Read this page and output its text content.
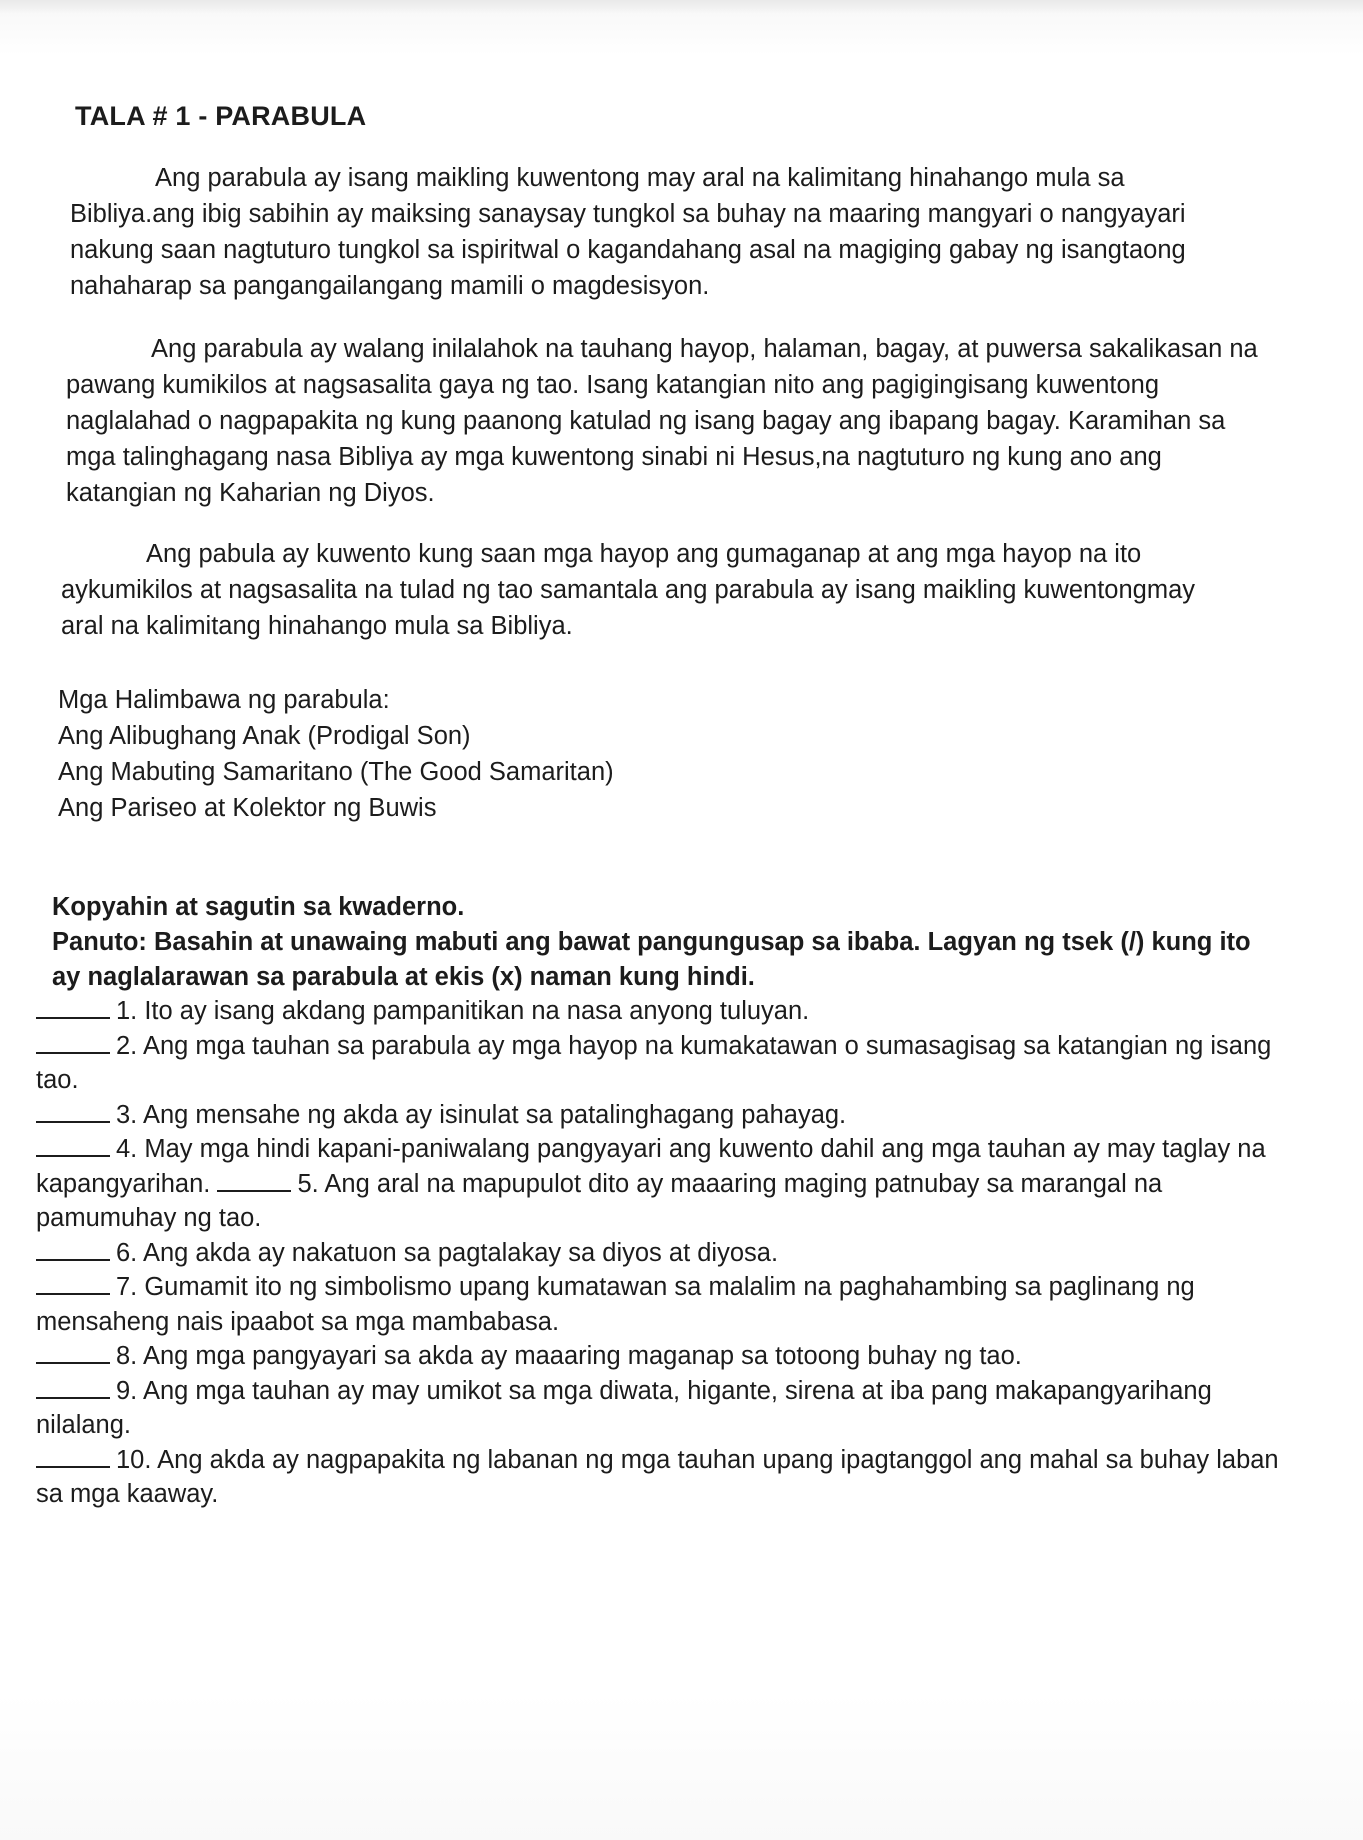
TALA # 1 - PARABULA

Ang parabula ay isang maikling kuwentong may aral na kalimitang hinahango mula sa Bibliya.ang ibig sabihin ay maiksing sanaysay tungkol sa buhay na maaring mangyari o nangyayari nakung saan nagtuturo tungkol sa ispiritwal o kagandahang asal na magiging gabay ng isangtaong nahaharap sa pangangailangang mamili o magdesisyon.

Ang parabula ay walang inilalahok na tauhang hayop, halaman, bagay, at puwersa sakalikasan na pawang kumikilos at nagsasalita gaya ng tao. Isang katangian nito ang pagigingisang kuwentong naglalahad o nagpapakita ng kung paanong katulad ng isang bagay ang ibapang bagay. Karamihan sa mga talinghagang nasa Bibliya ay mga kuwentong sinabi ni Hesus,na nagtuturo ng kung ano ang katangian ng Kaharian ng Diyos.

Ang pabula ay kuwento kung saan mga hayop ang gumaganap at ang mga hayop na ito aykumikilos at nagsasalita na tulad ng tao samantala ang parabula ay isang maikling kuwentongmay aral na kalimitang hinahango mula sa Bibliya.

Mga Halimbawa ng parabula:
Ang Alibughang Anak (Prodigal Son)
Ang Mabuting Samaritano (The Good Samaritan)
Ang Pariseo at Kolektor ng Buwis
Kopyahin at sagutin sa kwaderno.
Panuto: Basahin at unawaing mabuti ang bawat pangungusap sa ibaba. Lagyan ng tsek (/) kung ito ay naglalarawan sa parabula at ekis (x) naman kung hindi.
1. Ito ay isang akdang pampanitikan na nasa anyong tuluyan.
2. Ang mga tauhan sa parabula ay mga hayop na kumakatawan o sumasagisag sa katangian ng isang tao.
3. Ang mensahe ng akda ay isinulat sa patalinghagang pahayag.
4. May mga hindi kapani-paniwalang pangyayari ang kuwento dahil ang mga tauhan ay may taglay na kapangyarihan.	5. Ang aral na mapupulot dito ay maaaring maging patnubay sa marangal na pamumuhay ng tao.
6. Ang akda ay nakatuon sa pagtalakay sa diyos at diyosa.
7. Gumamit ito ng simbolismo upang kumatawan sa malalim na paghahambing sa paglinang ng mensaheng nais ipaabot sa mga mambabasa.
8. Ang mga pangyayari sa akda ay maaaring maganap sa totoong buhay ng tao.
9. Ang mga tauhan ay may umikot sa mga diwata, higante, sirena at iba pang makapangyarihang nilalang.
10. Ang akda ay nagpapakita ng labanan ng mga tauhan upang ipagtanggol ang mahal sa buhay laban sa mga kaaway.
